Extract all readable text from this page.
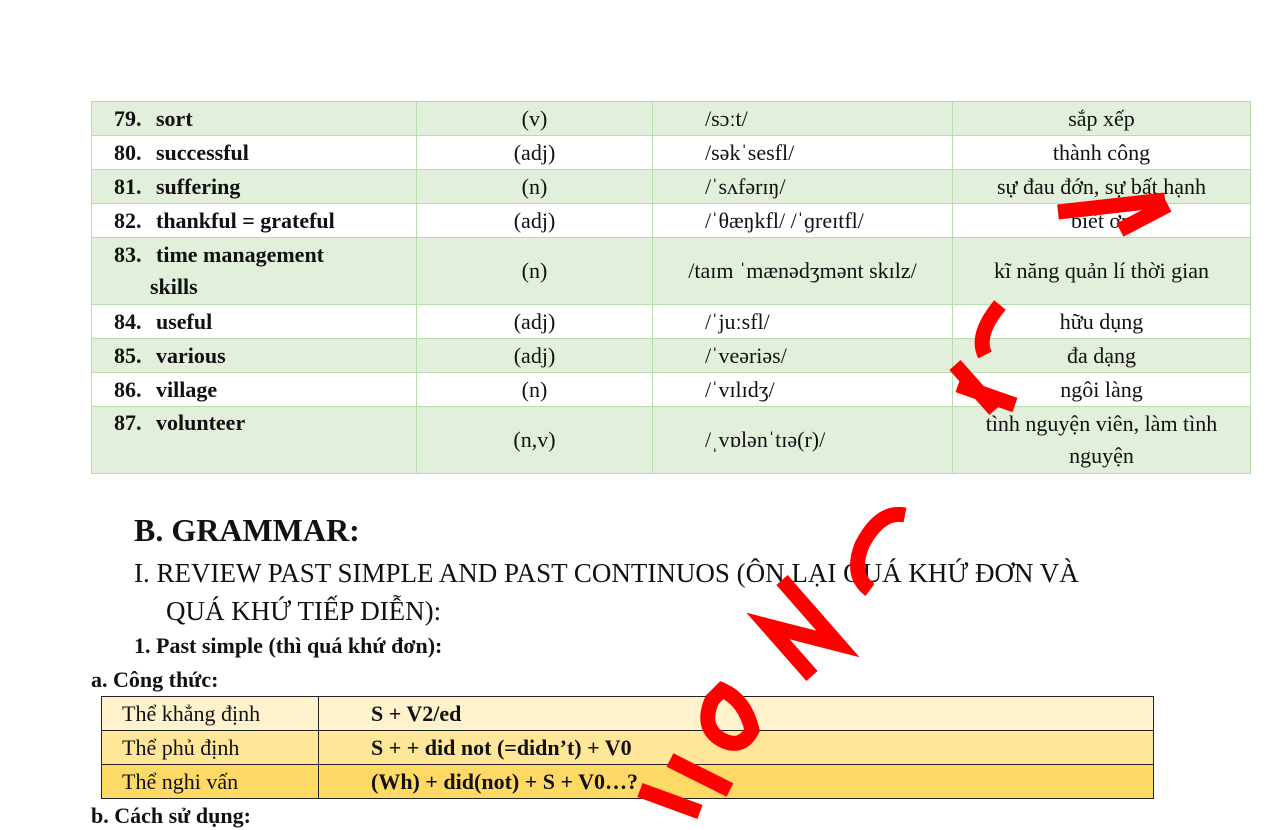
79. sort	(v)	/sɔːt/	sắp xếp
80. successful	(adj)	/səkˈsesfl/	thành công
81. suffering	(n)	/ˈsʌfərɪŋ/	sự đau đớn, sự bất hạnh
82. thankful = grateful	(adj)	/ˈθæŋkfl/ /ˈɡreɪtfl/	biết ơn
83. time management
skills	(n)	/taɪm ˈmænədʒmənt skɪlz/	kĩ năng quản lí thời gian
84. useful	(adj)	/ˈjuːsfl/	hữu dụng
85. various	(adj)	/ˈveəriəs/	đa dạng
86. village	(n)	/ˈvɪlɪdʒ/	ngôi làng
87. volunteer	(n,v)	/ˌvɒlənˈtɪə(r)/	tình nguyện viên, làm tình nguyện
B. GRAMMAR:

I. REVIEW PAST SIMPLE AND PAST CONTINUOS (ÔN LẠI QUÁ KHỨ ĐƠN VÀ
QUÁ KHỨ TIẾP DIỄN):

1. Past simple (thì quá khứ đơn):

a. Công thức:

Thể khẳng định	S + V2/ed
Thể phủ định	S + + did not (=didn’t) + V0
Thể nghi vấn	(Wh) + did(not) + S + V0…?

b. Cách sử dụng:
